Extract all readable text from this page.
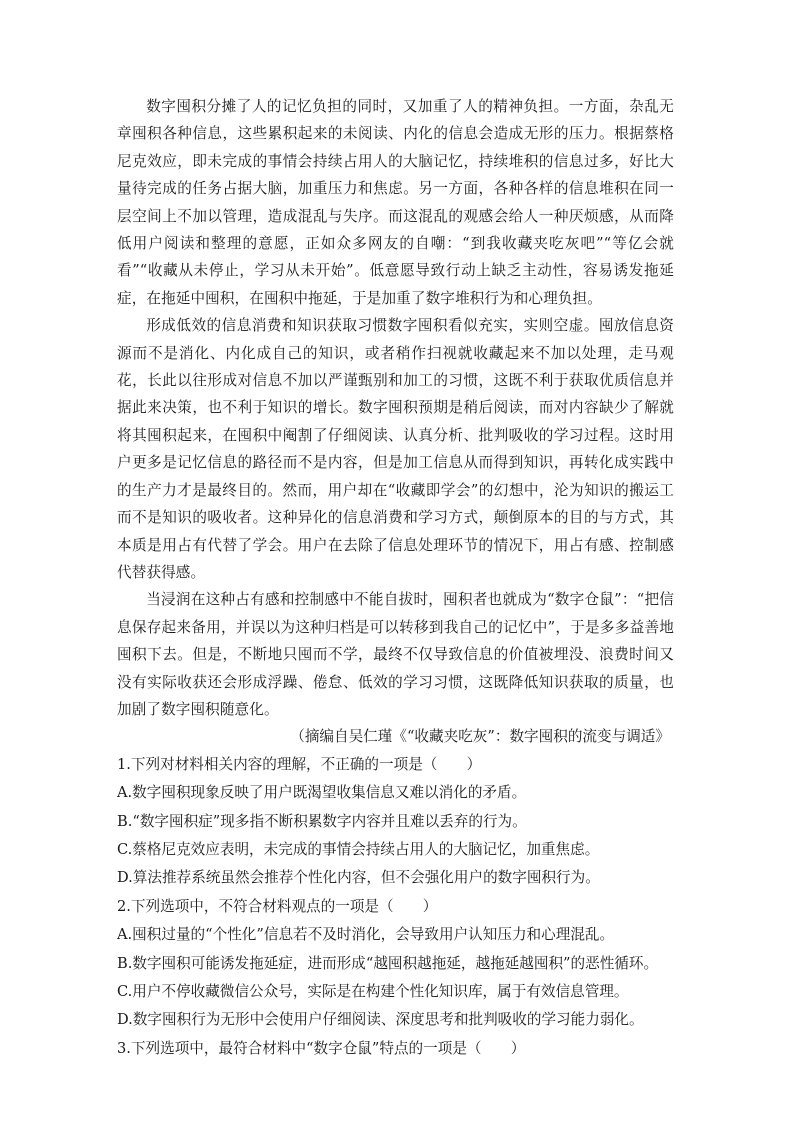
数字囤积分摊了人的记忆负担的同时，又加重了人的精神负担。一方面，杂乱无章囤积各种信息，这些累积起来的未阅读、内化的信息会造成无形的压力。根据蔡格尼克效应，即未完成的事情会持续占用人的大脑记忆，持续堆积的信息过多，好比大量待完成的任务占据大脑，加重压力和焦虑。另一方面，各种各样的信息堆积在同一层空间上不加以管理，造成混乱与失序。而这混乱的观感会给人一种厌烦感，从而降低用户阅读和整理的意愿，正如众多网友的自嘲：“到我收藏夹吃灰吧”“等亿会就看”“收藏从未停止，学习从未开始”。低意愿导致行动上缺乏主动性，容易诱发拖延症，在拖延中囤积，在囤积中拖延，于是加重了数字堆积行为和心理负担。

形成低效的信息消费和知识获取习惯数字囤积看似充实，实则空虚。囤放信息资源而不是消化、内化成自己的知识，或者稍作扫视就收藏起来不加以处理，走马观花，长此以往形成对信息不加以严谨甄别和加工的习惯，这既不利于获取优质信息并据此来决策，也不利于知识的增长。数字囤积预期是稍后阅读，而对内容缺少了解就将其囤积起来，在囤积中阉割了仔细阅读、认真分析、批判吸收的学习过程。这时用户更多是记忆信息的路径而不是内容，但是加工信息从而得到知识，再转化成实践中的生产力才是最终目的。然而，用户却在“收藏即学会”的幻想中，沦为知识的搬运工而不是知识的吸收者。这种异化的信息消费和学习方式，颠倒原本的目的与方式，其本质是用占有代替了学会。用户在去除了信息处理环节的情况下，用占有感、控制感代替获得感。

当浸润在这种占有感和控制感中不能自拔时，囤积者也就成为“数字仓鼠”：“把信息保存起来备用，并误以为这种归档是可以转移到我自己的记忆中”，于是多多益善地囤积下去。但是，不断地只囤而不学，最终不仅导致信息的价值被埋没、浪费时间又没有实际收获还会形成浮躁、倦怠、低效的学习习惯，这既降低知识获取的质量，也加剧了数字囤积随意化。

（摘编自吴仁瑾《“收藏夹吃灰”：数字囤积的流变与调适》

1.下列对材料相关内容的理解，不正确的一项是（　　）

A.数字囤积现象反映了用户既渴望收集信息又难以消化的矛盾。

B.“数字囤积症”现多指不断积累数字内容并且难以丢弃的行为。

C.蔡格尼克效应表明，未完成的事情会持续占用人的大脑记忆，加重焦虑。

D.算法推荐系统虽然会推荐个性化内容，但不会强化用户的数字囤积行为。

2.下列选项中，不符合材料观点的一项是（　　）

A.囤积过量的“个性化”信息若不及时消化，会导致用户认知压力和心理混乱。

B.数字囤积可能诱发拖延症，进而形成“越囤积越拖延，越拖延越囤积”的恶性循环。

C.用户不停收藏微信公众号，实际是在构建个性化知识库，属于有效信息管理。

D.数字囤积行为无形中会使用户仔细阅读、深度思考和批判吸收的学习能力弱化。

3.下列选项中，最符合材料中“数字仓鼠”特点的一项是（　　）
